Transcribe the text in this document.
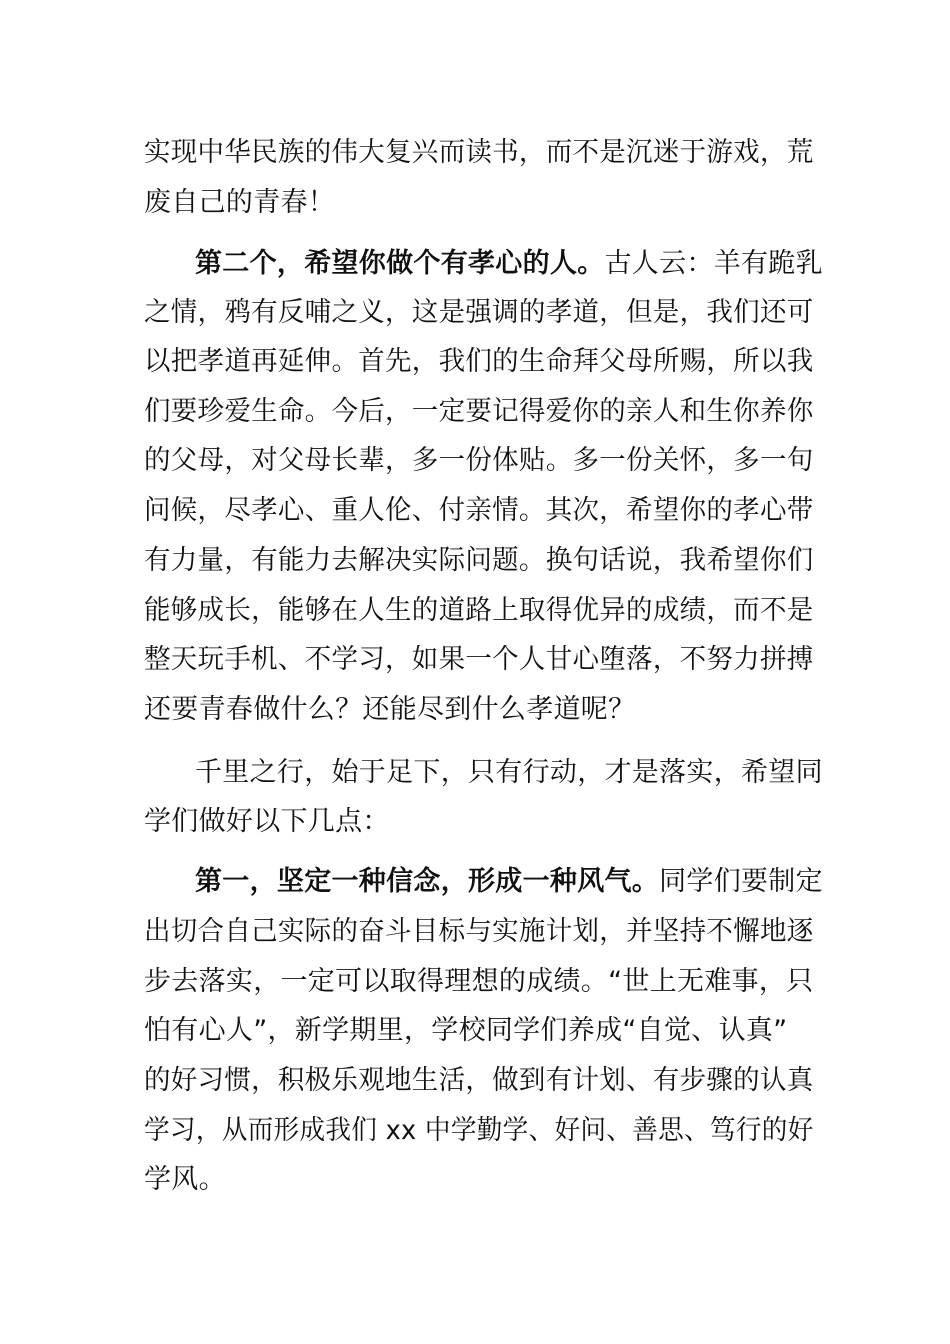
实现中华民族的伟大复兴而读书，而不是沉迷于游戏，荒
废自己的青春！
第二个，希望你做个有孝心的人。古人云：羊有跪乳
之情，鸦有反哺之义，这是强调的孝道，但是，我们还可
以把孝道再延伸。首先，我们的生命拜父母所赐，所以我
们要珍爱生命。今后，一定要记得爱你的亲人和生你养你
的父母，对父母长辈，多一份体贴。多一份关怀，多一句
问候，尽孝心、重人伦、付亲情。其次，希望你的孝心带
有力量，有能力去解决实际问题。换句话说，我希望你们
能够成长，能够在人生的道路上取得优异的成绩，而不是
整天玩手机、不学习，如果一个人甘心堕落，不努力拼搏
还要青春做什么？还能尽到什么孝道呢？
千里之行，始于足下，只有行动，才是落实，希望同
学们做好以下几点：
第一，坚定一种信念，形成一种风气。同学们要制定
出切合自己实际的奋斗目标与实施计划，并坚持不懈地逐
步去落实，一定可以取得理想的成绩。“世上无难事，只
怕有心人”，新学期里，学校同学们养成“自觉、认真”
的好习惯，积极乐观地生活，做到有计划、有步骤的认真
学习，从而形成我们 xx 中学勤学、好问、善思、笃行的好
学风。
